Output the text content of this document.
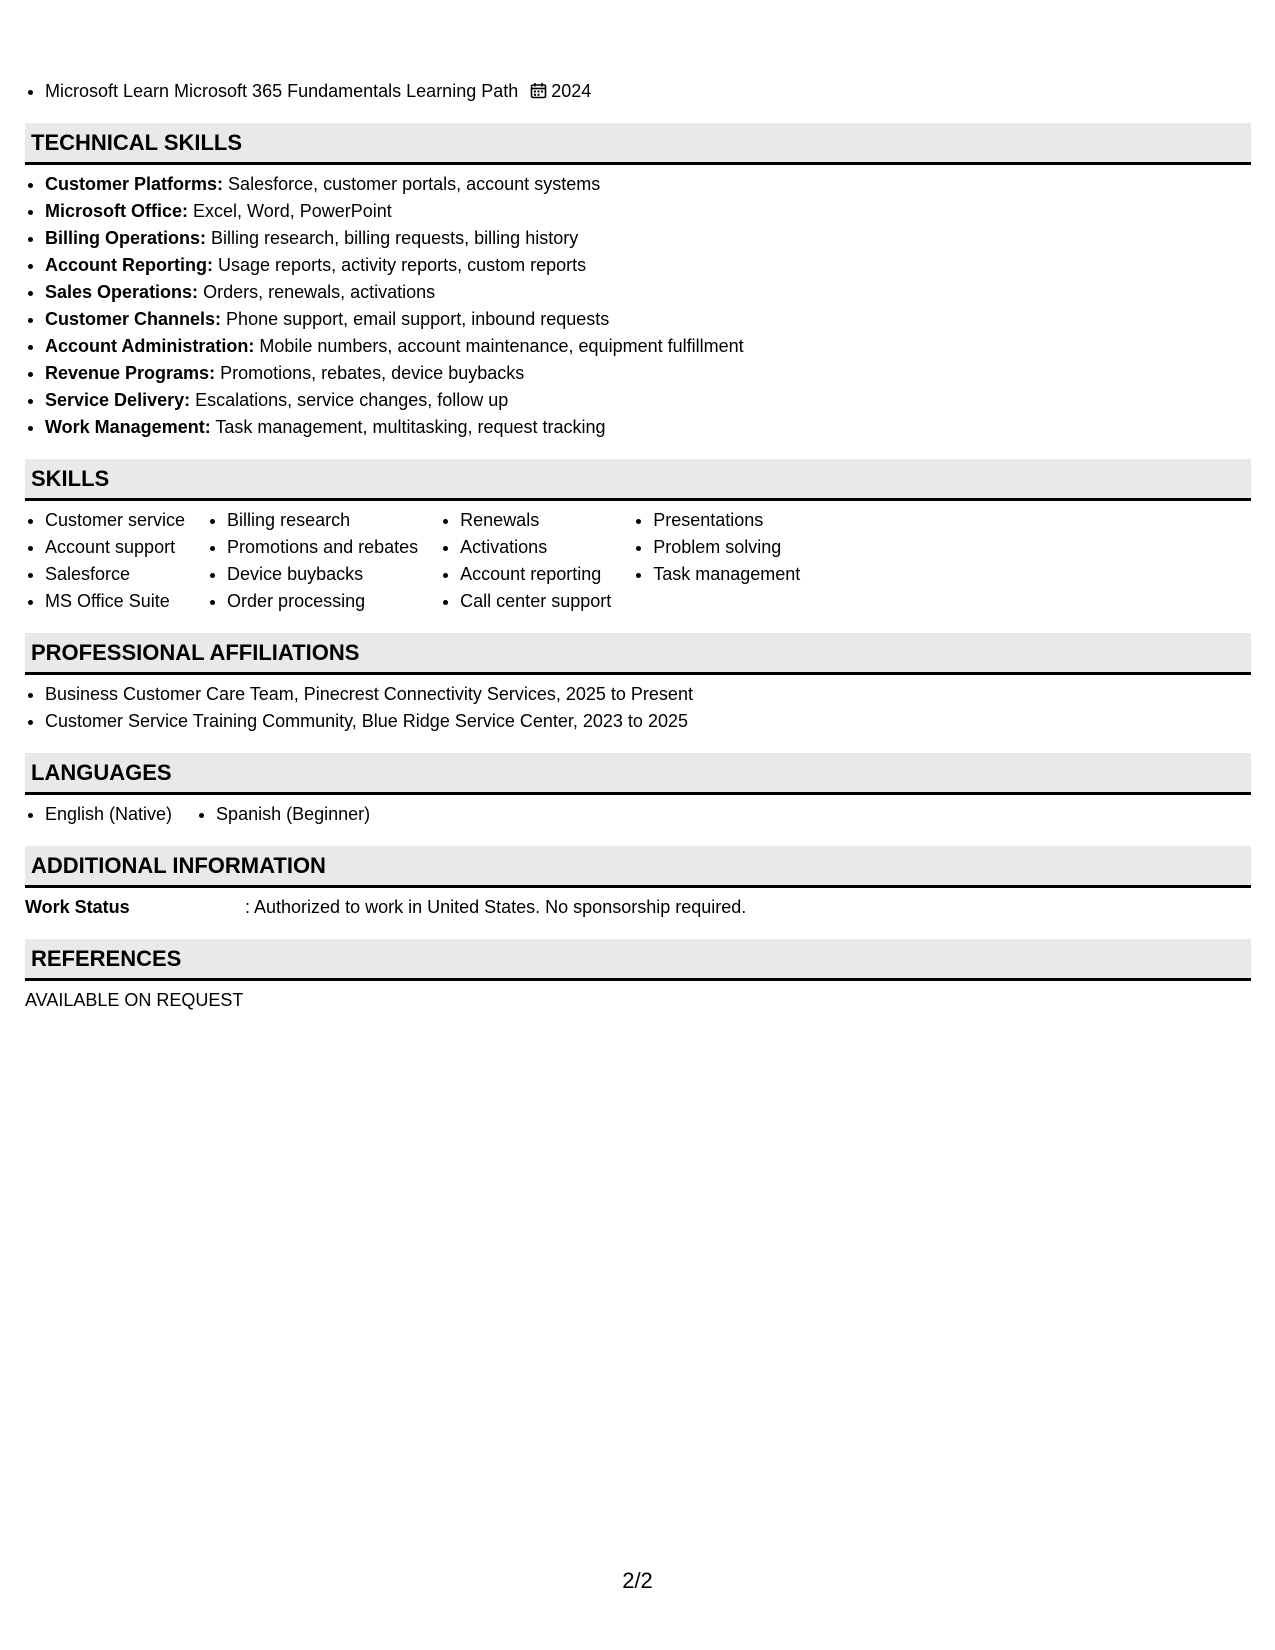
• Microsoft Learn Microsoft 365 Fundamentals Learning Path 2024
TECHNICAL SKILLS
• Customer Platforms: Salesforce, customer portals, account systems
• Microsoft Office: Excel, Word, PowerPoint
• Billing Operations: Billing research, billing requests, billing history
• Account Reporting: Usage reports, activity reports, custom reports
• Sales Operations: Orders, renewals, activations
• Customer Channels: Phone support, email support, inbound requests
• Account Administration: Mobile numbers, account maintenance, equipment fulfillment
• Revenue Programs: Promotions, rebates, device buybacks
• Service Delivery: Escalations, service changes, follow up
• Work Management: Task management, multitasking, request tracking
SKILLS
• Customer service
• Account support
• Salesforce
• MS Office Suite
• Billing research
• Promotions and rebates
• Device buybacks
• Order processing
• Renewals
• Activations
• Account reporting
• Call center support
• Presentations
• Problem solving
• Task management
PROFESSIONAL AFFILIATIONS
• Business Customer Care Team, Pinecrest Connectivity Services, 2025 to Present
• Customer Service Training Community, Blue Ridge Service Center, 2023 to 2025
LANGUAGES
• English (Native)
• Spanish (Beginner)
ADDITIONAL INFORMATION
Work Status	: Authorized to work in United States. No sponsorship required.
REFERENCES
AVAILABLE ON REQUEST
2/2
